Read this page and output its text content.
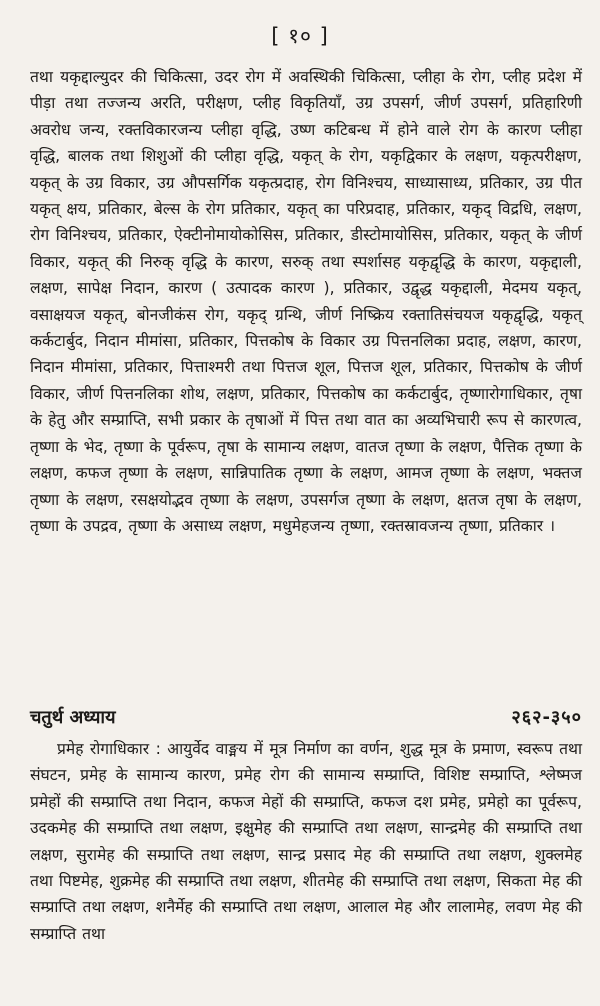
[ १० ]
तथा यकृद्दाल्युदर की चिकित्सा, उदर रोग में अवस्थिकी चिकित्सा, प्लीहा के रोग, प्लीह प्रदेश में पीड़ा तथा तज्जन्य अरति, परीक्षण, प्लीह विकृतियाँ, उग्र उपसर्ग, जीर्ण उपसर्ग, प्रतिहारिणी अवरोध जन्य, रक्तविकारजन्य प्लीहा वृद्धि, उष्ण कटिबन्ध में होने वाले रोग के कारण प्लीहा वृद्धि, बालक तथा शिशुओं की प्लीहा वृद्धि, यकृत् के रोग, यकृद्विकार के लक्षण, यकृत्परीक्षण, यकृत् के उग्र विकार, उग्र औपसर्गिक यकृत्प्रदाह, रोग विनिश्चय, साध्यासाध्य, प्रतिकार, उग्र पीत यकृत् क्षय, प्रतिकार, बेल्स के रोग प्रतिकार, यकृत् का परिप्रदाह, प्रतिकार, यकृद् विद्रधि, लक्षण, रोग विनिश्चय, प्रतिकार, ऐक्टीनोमायोकोसिस, प्रतिकार, डीस्टोमायोसिस, प्रतिकार, यकृत् के जीर्ण विकार, यकृत् की निरुक् वृद्धि के कारण, सरुक् तथा स्पर्शासह यकृद्वृद्धि के कारण, यकृद्दाली, लक्षण, सापेक्ष निदान, कारण ( उत्पादक कारण ), प्रतिकार, उद्वृद्ध यकृद्दाली, मेदमय यकृत्, वसाक्षयज यकृत्, बोनजीकंस रोग, यकृद् ग्रन्थि, जीर्ण निष्क्रिय रक्तातिसंचयज यकृद्वृद्धि, यकृत् कर्कटार्बुद, निदान मीमांसा, प्रतिकार, पित्तकोष के विकार उग्र पित्तनलिका प्रदाह, लक्षण, कारण, निदान मीमांसा, प्रतिकार, पित्ताश्मरी तथा पित्तज शूल, पित्तज शूल, प्रतिकार, पित्तकोष के जीर्ण विकार, जीर्ण पित्तनलिका शोथ, लक्षण, प्रतिकार, पित्तकोष का कर्कटार्बुद, तृष्णारोगाधिकार, तृषा के हेतु और सम्प्राप्ति, सभी प्रकार के तृषाओं में पित्त तथा वात का अव्यभिचारी रूप से कारणत्व, तृष्णा के भेद, तृष्णा के पूर्वरूप, तृषा के सामान्य लक्षण, वातज तृष्णा के लक्षण, पैत्तिक तृष्णा के लक्षण, कफज तृष्णा के लक्षण, सान्निपातिक तृष्णा के लक्षण, आमज तृष्णा के लक्षण, भक्तज तृष्णा के लक्षण, रसक्षयोद्भव तृष्णा के लक्षण, उपसर्गज तृष्णा के लक्षण, क्षतज तृषा के लक्षण, तृष्णा के उपद्रव, तृष्णा के असाध्य लक्षण, मधुमेहजन्य तृष्णा, रक्तस्रावजन्य तृष्णा, प्रतिकार ।
चतुर्थ अध्याय	२६२-३५०
प्रमेह रोगाधिकार : आयुर्वेद वाङ्मय में मूत्र निर्माण का वर्णन, शुद्ध मूत्र के प्रमाण, स्वरूप तथा संघटन, प्रमेह के सामान्य कारण, प्रमेह रोग की सामान्य सम्प्राप्ति, विशिष्ट सम्प्राप्ति, श्लेष्मज प्रमेहों की सम्प्राप्ति तथा निदान, कफज मेहों की सम्प्राप्ति, कफज दश प्रमेह, प्रमेहो का पूर्वरूप, उदकमेह की सम्प्राप्ति तथा लक्षण, इक्षुमेह की सम्प्राप्ति तथा लक्षण, सान्द्रमेह की सम्प्राप्ति तथा लक्षण, सुरामेह की सम्प्राप्ति तथा लक्षण, सान्द्र प्रसाद मेह की सम्प्राप्ति तथा लक्षण, शुक्लमेह तथा पिष्टमेह, शुक्रमेह की सम्प्राप्ति तथा लक्षण, शीतमेह की सम्प्राप्ति तथा लक्षण, सिकता मेह की सम्प्राप्ति तथा लक्षण, शनैर्मेह की सम्प्राप्ति तथा लक्षण, आलाल मेह और लालामेह, लवण मेह की सम्प्राप्ति तथा
